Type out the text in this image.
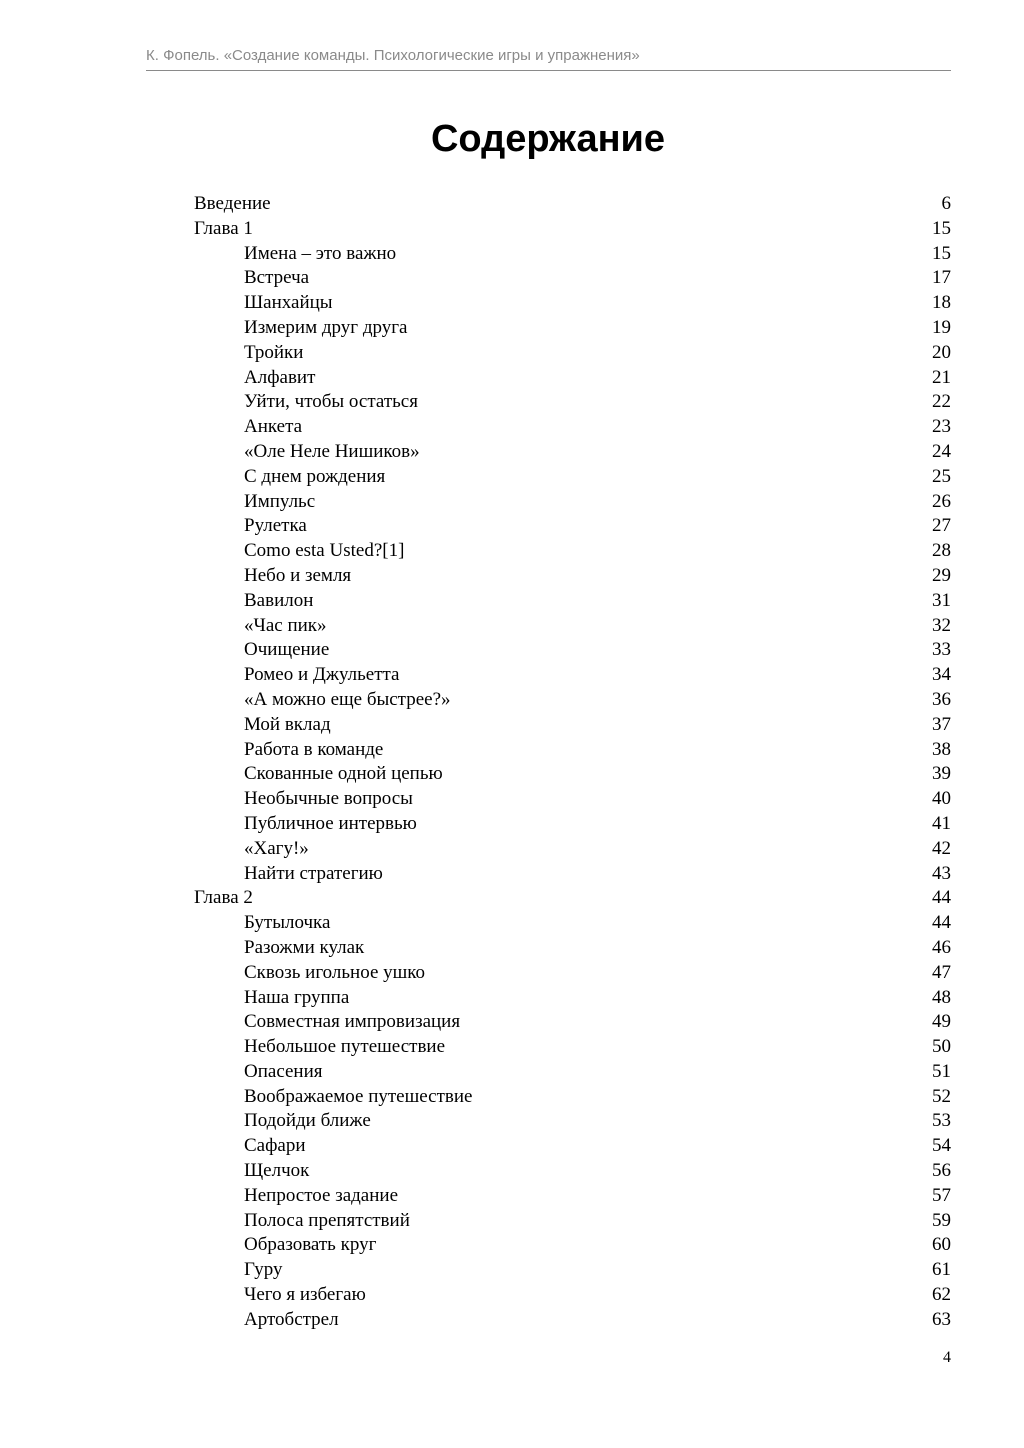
К. Фопель. «Создание команды. Психологические игры и упражнения»
Содержание
Введение	6
Глава 1	15
Имена – это важно	15
Встреча	17
Шанхайцы	18
Измерим друг друга	19
Тройки	20
Алфавит	21
Уйти, чтобы остаться	22
Анкета	23
«Оле Неле Нишиков»	24
С днем рождения	25
Импульс	26
Рулетка	27
Como esta Usted?[1]	28
Небо и земля	29
Вавилон	31
«Час пик»	32
Очищение	33
Ромео и Джульетта	34
«А можно еще быстрее?»	36
Мой вклад	37
Работа в команде	38
Скованные одной цепью	39
Необычные вопросы	40
Публичное интервью	41
«Хагу!»	42
Найти стратегию	43
Глава 2	44
Бутылочка	44
Разожми кулак	46
Сквозь игольное ушко	47
Наша группа	48
Совместная импровизация	49
Небольшое путешествие	50
Опасения	51
Воображаемое путешествие	52
Подойди ближе	53
Сафари	54
Щелчок	56
Непростое задание	57
Полоса препятствий	59
Образовать круг	60
Гуру	61
Чего я избегаю	62
Артобстрел	63
4
